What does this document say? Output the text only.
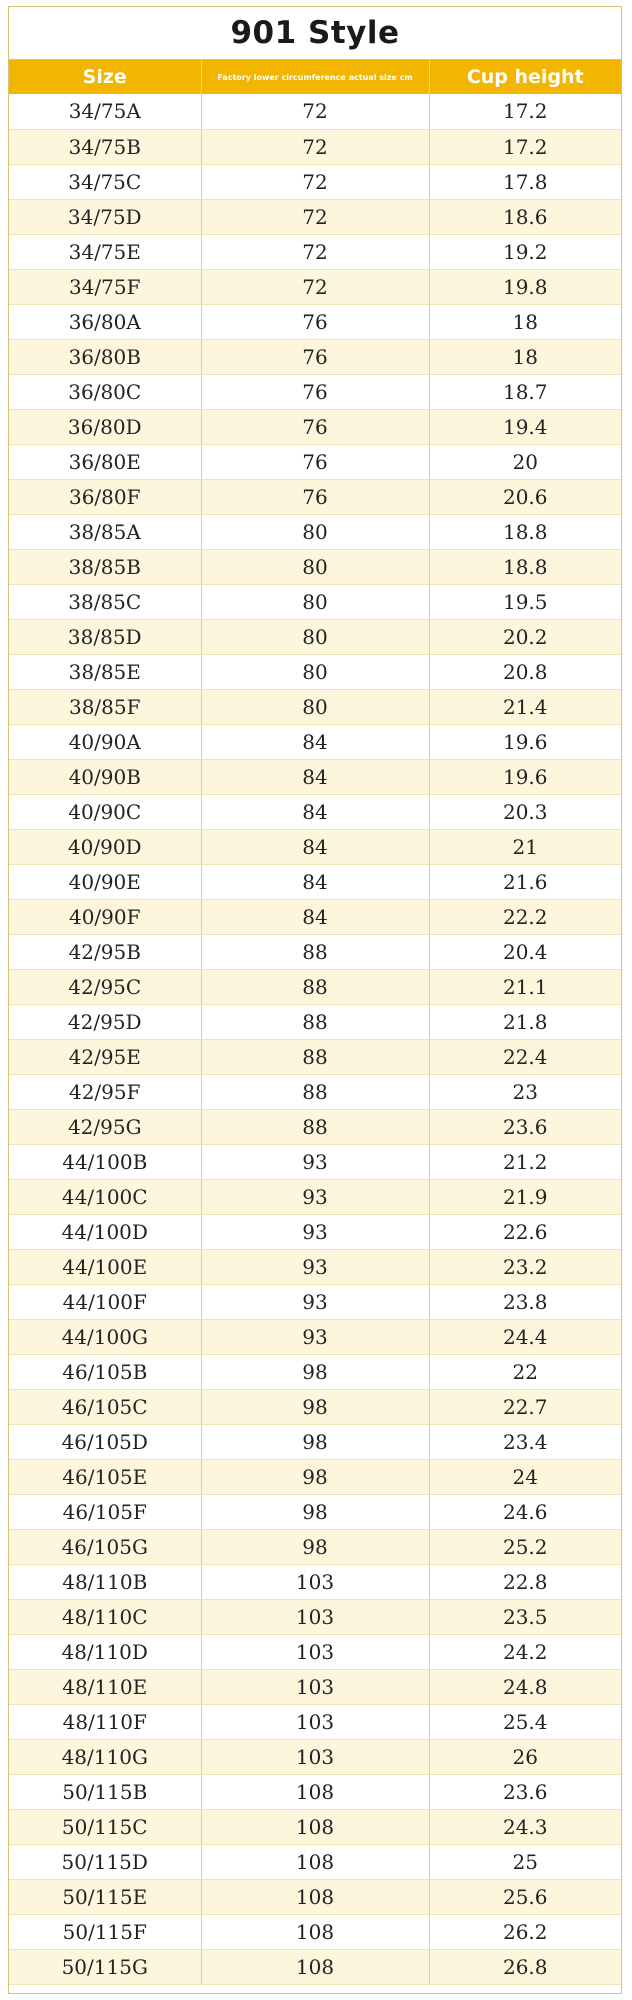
901 Style
Size	Factory lower circumference actual size cm	Cup height
34/75A	72	17.2
34/75B	72	17.2
34/75C	72	17.8
34/75D	72	18.6
34/75E	72	19.2
34/75F	72	19.8
36/80A	76	18
36/80B	76	18
36/80C	76	18.7
36/80D	76	19.4
36/80E	76	20
36/80F	76	20.6
38/85A	80	18.8
38/85B	80	18.8
38/85C	80	19.5
38/85D	80	20.2
38/85E	80	20.8
38/85F	80	21.4
40/90A	84	19.6
40/90B	84	19.6
40/90C	84	20.3
40/90D	84	21
40/90E	84	21.6
40/90F	84	22.2
42/95B	88	20.4
42/95C	88	21.1
42/95D	88	21.8
42/95E	88	22.4
42/95F	88	23
42/95G	88	23.6
44/100B	93	21.2
44/100C	93	21.9
44/100D	93	22.6
44/100E	93	23.2
44/100F	93	23.8
44/100G	93	24.4
46/105B	98	22
46/105C	98	22.7
46/105D	98	23.4
46/105E	98	24
46/105F	98	24.6
46/105G	98	25.2
48/110B	103	22.8
48/110C	103	23.5
48/110D	103	24.2
48/110E	103	24.8
48/110F	103	25.4
48/110G	103	26
50/115B	108	23.6
50/115C	108	24.3
50/115D	108	25
50/115E	108	25.6
50/115F	108	26.2
50/115G	108	26.8
